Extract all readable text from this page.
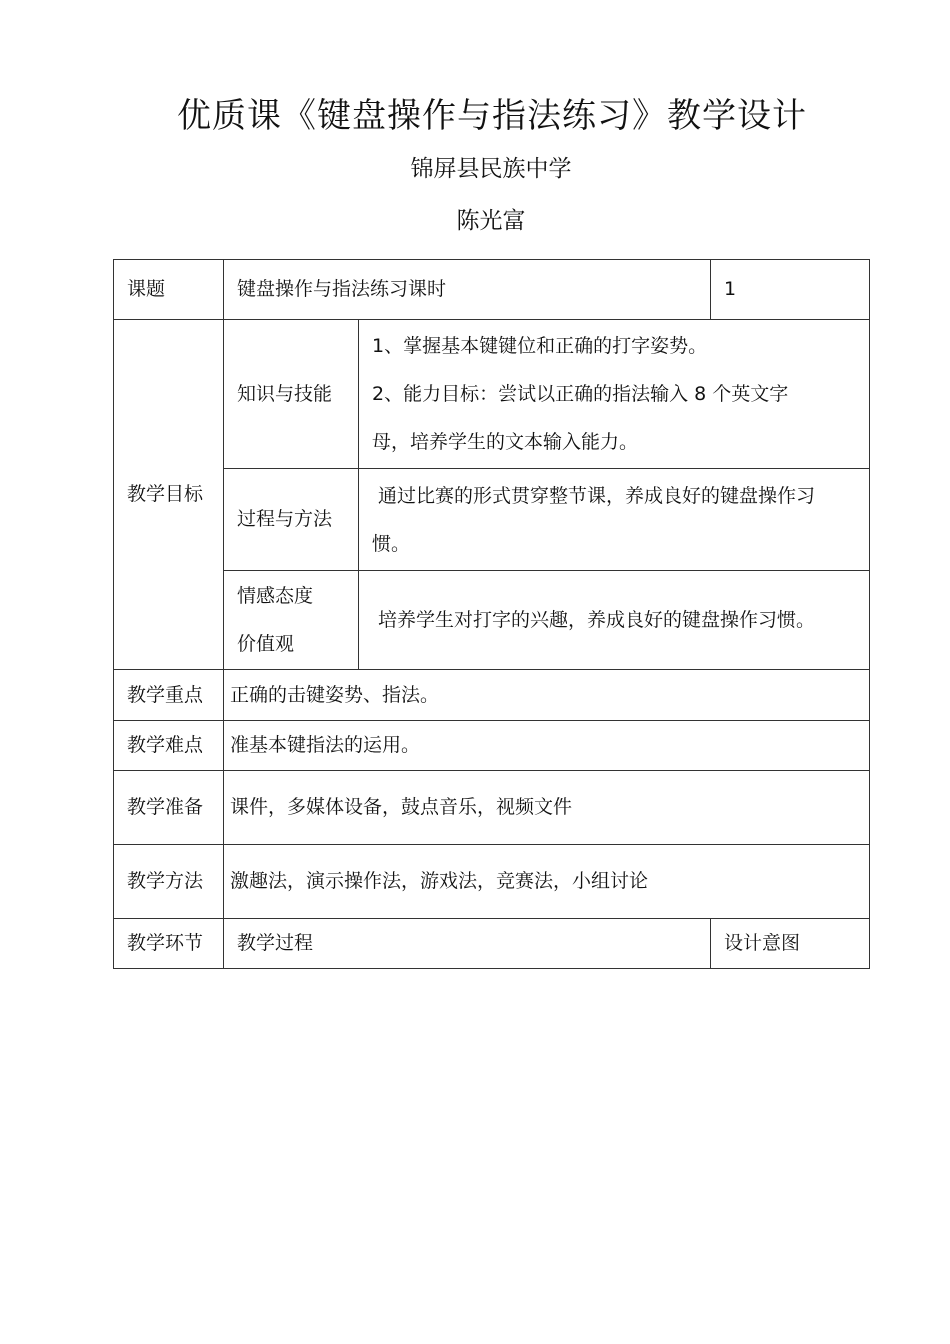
优质课《键盘操作与指法练习》教学设计

锦屏县民族中学

陈光富

课题	键盘操作与指法练习课时		1
教学目标	知识与技能	1、掌握基本键键位和正确的打字姿势。
2、能力目标：尝试以正确的指法输入 8 个英文字
母，培养学生的文本输入能力。	

	过程与方法	通过比赛的形式贯穿整节课，养成良好的键盘操作习
惯。	

	情感态度
价值观	培养学生对打字的兴趣，养成良好的键盘操作习惯。	

教学重点	正确的击键姿势、指法。		
教学难点	准基本键指法的运用。		
教学准备	课件，多媒体设备，鼓点音乐，视频文件		
教学方法	激趣法，演示操作法，游戏法，竞赛法，小组讨论		
教学环节	教学过程		设计意图
